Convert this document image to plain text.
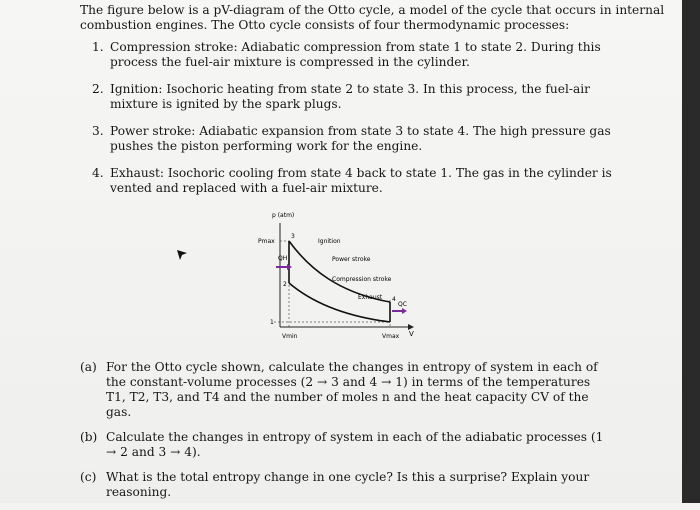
The figure below is a pV-diagram of the Otto cycle, a model of the cycle that occurs in internal combustion engines. The Otto cycle consists of four thermodynamic processes:

1. Compression stroke: Adiabatic compression from state 1 to state 2. During this process the fuel-air mixture is compressed in the cylinder.
2. Ignition: Isochoric heating from state 2 to state 3. In this process, the fuel-air mixture is ignited by the spark plugs.
3. Power stroke: Adiabatic expansion from state 3 to state 4. The high pressure gas pushes the piston performing work for the engine.
4. Exhaust: Isochoric cooling from state 4 back to state 1. The gas in the cylinder is vented and replaced with a fuel-air mixture.
p (atm)
V
Pmax
Vmin	Vmax
QH
QC
1
2
3
4
Ignition
Power stroke
Compression stroke
Exhaust
(a) For the Otto cycle shown, calculate the changes in entropy of system in each of the constant-volume processes (2 → 3 and 4 → 1) in terms of the temperatures T1, T2, T3, and T4 and the number of moles n and the heat capacity CV of the gas.
(b) Calculate the changes in entropy of system in each of the adiabatic processes (1 → 2 and 3 → 4).
(c) What is the total entropy change in one cycle? Is this a surprise? Explain your reasoning.
